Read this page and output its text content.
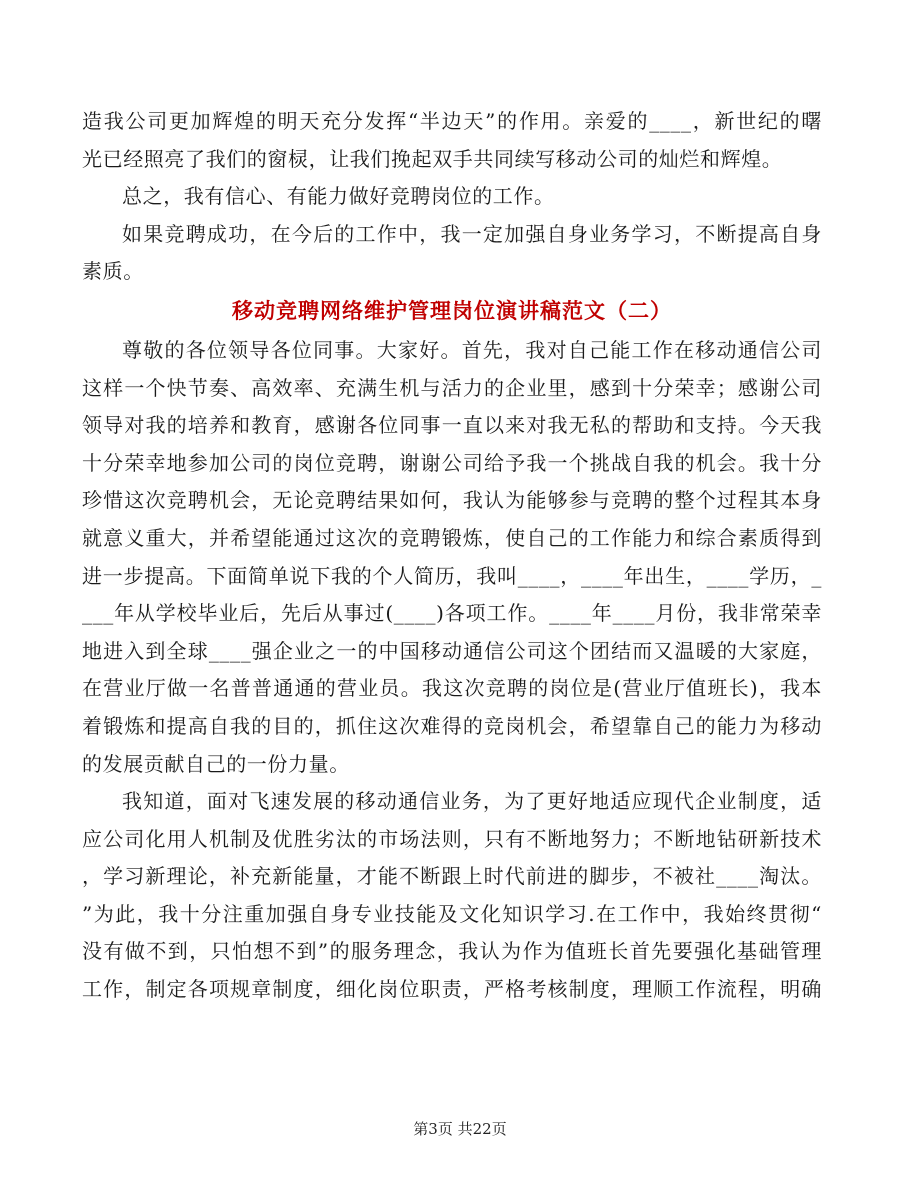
造我公司更加辉煌的明天充分发挥“半边天”的作用。亲爱的____，新世纪的曙
光已经照亮了我们的窗棂，让我们挽起双手共同续写移动公司的灿烂和辉煌。
总之，我有信心、有能力做好竞聘岗位的工作。
如果竞聘成功，在今后的工作中，我一定加强自身业务学习，不断提高自身
素质。
移动竞聘网络维护管理岗位演讲稿范文（二）
尊敬的各位领导各位同事。大家好。首先，我对自己能工作在移动通信公司
这样一个快节奏、高效率、充满生机与活力的企业里，感到十分荣幸；感谢公司
领导对我的培养和教育，感谢各位同事一直以来对我无私的帮助和支持。今天我
十分荣幸地参加公司的岗位竞聘，谢谢公司给予我一个挑战自我的机会。我十分
珍惜这次竞聘机会，无论竞聘结果如何，我认为能够参与竞聘的整个过程其本身
就意义重大，并希望能通过这次的竞聘锻炼，使自己的工作能力和综合素质得到
进一步提高。下面简单说下我的个人简历，我叫____，____年出生，____学历，_
___年从学校毕业后，先后从事过(____)各项工作。____年____月份，我非常荣幸
地进入到全球____强企业之一的中国移动通信公司这个团结而又温暖的大家庭，
在营业厅做一名普普通通的营业员。我这次竞聘的岗位是(营业厅值班长)，我本
着锻炼和提高自我的目的，抓住这次难得的竞岗机会，希望靠自己的能力为移动
的发展贡献自己的一份力量。
我知道，面对飞速发展的移动通信业务，为了更好地适应现代企业制度，适
应公司化用人机制及优胜劣汰的市场法则，只有不断地努力；不断地钻研新技术
，学习新理论，补充新能量，才能不断跟上时代前进的脚步，不被社____淘汰。
”为此，我十分注重加强自身专业技能及文化知识学习.在工作中，我始终贯彻“
没有做不到，只怕想不到”的服务理念，我认为作为值班长首先要强化基础管理
工作，制定各项规章制度，细化岗位职责，严格考核制度，理顺工作流程，明确
第3页 共22页
